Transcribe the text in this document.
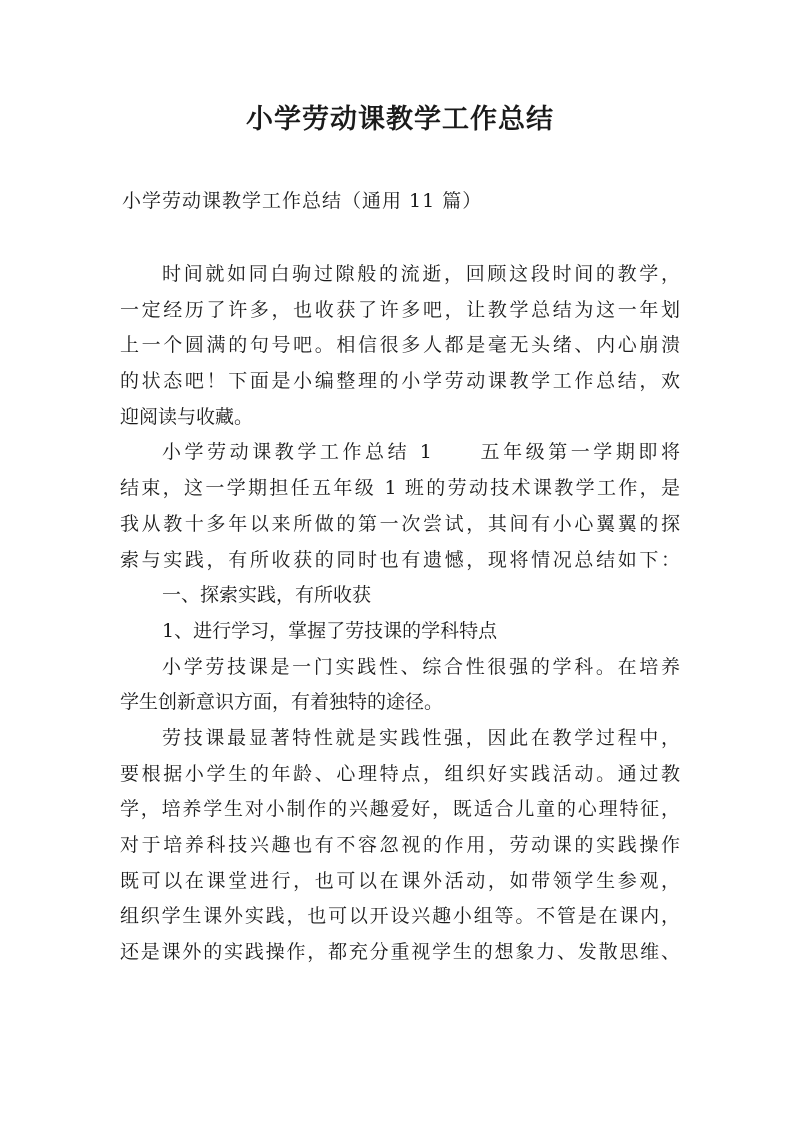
小学劳动课教学工作总结

小学劳动课教学工作总结（通用 11 篇）

时间就如同白驹过隙般的流逝，回顾这段时间的教学，
一定经历了许多，也收获了许多吧，让教学总结为这一年划
上一个圆满的句号吧。相信很多人都是毫无头绪、内心崩溃
的状态吧！下面是小编整理的小学劳动课教学工作总结，欢
迎阅读与收藏。
小学劳动课教学工作总结 1　　五年级第一学期即将
结束，这一学期担任五年级 1 班的劳动技术课教学工作，是
我从教十多年以来所做的第一次尝试，其间有小心翼翼的探
索与实践，有所收获的同时也有遗憾，现将情况总结如下：
一、探索实践，有所收获
1、进行学习，掌握了劳技课的学科特点
小学劳技课是一门实践性、综合性很强的学科。在培养
学生创新意识方面，有着独特的途径。
劳技课最显著特性就是实践性强，因此在教学过程中，
要根据小学生的年龄、心理特点，组织好实践活动。通过教
学，培养学生对小制作的兴趣爱好，既适合儿童的心理特征，
对于培养科技兴趣也有不容忽视的作用，劳动课的实践操作
既可以在课堂进行，也可以在课外活动，如带领学生参观，
组织学生课外实践，也可以开设兴趣小组等。不管是在课内，
还是课外的实践操作，都充分重视学生的想象力、发散思维、
